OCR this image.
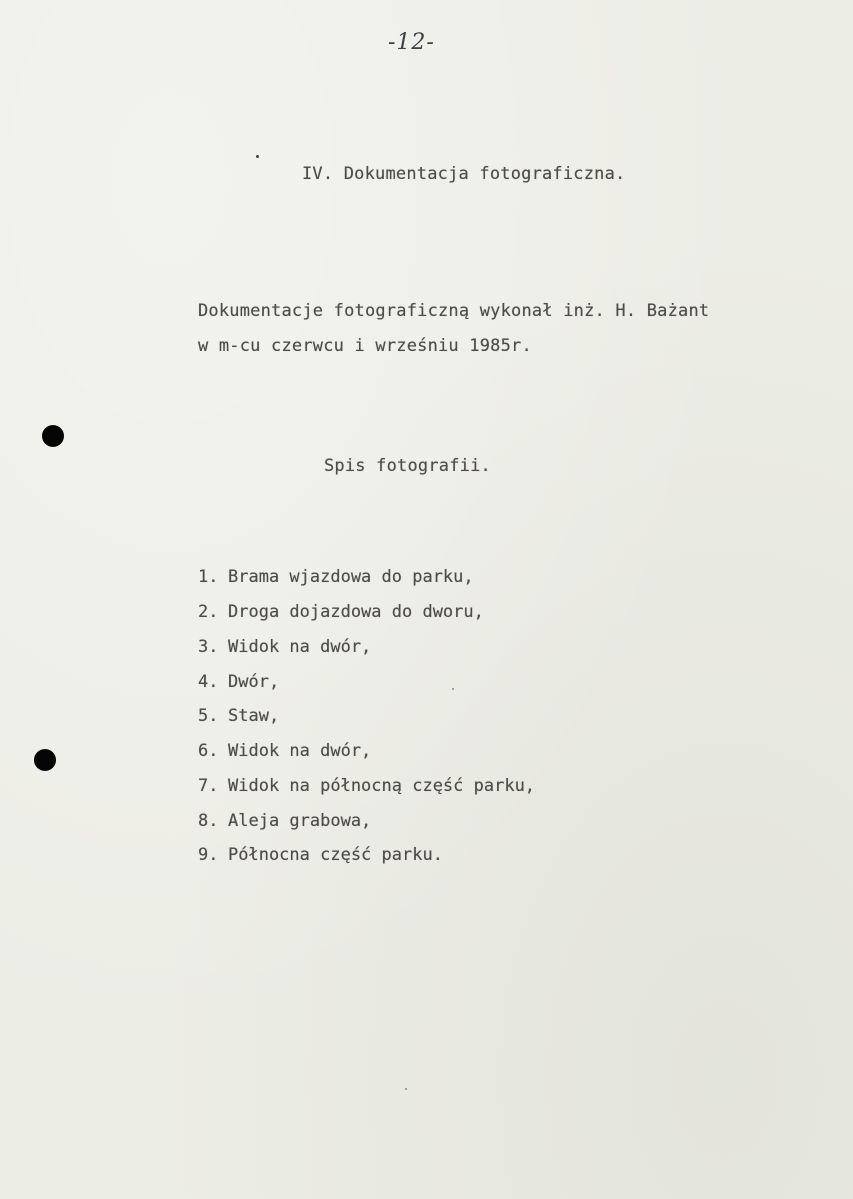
-12-
IV. Dokumentacja fotograficzna.
Dokumentacje fotograficzną wykonał inż. H. Bażant
w m-cu czerwcu i wrześniu 1985r.
Spis fotografii.
1. Brama wjazdowa do parku,
2. Droga dojazdowa do dworu,
3. Widok na dwór,
4. Dwór,
5. Staw,
6. Widok na dwór,
7. Widok na północną część parku,
8. Aleja grabowa,
9. Północna część parku.
